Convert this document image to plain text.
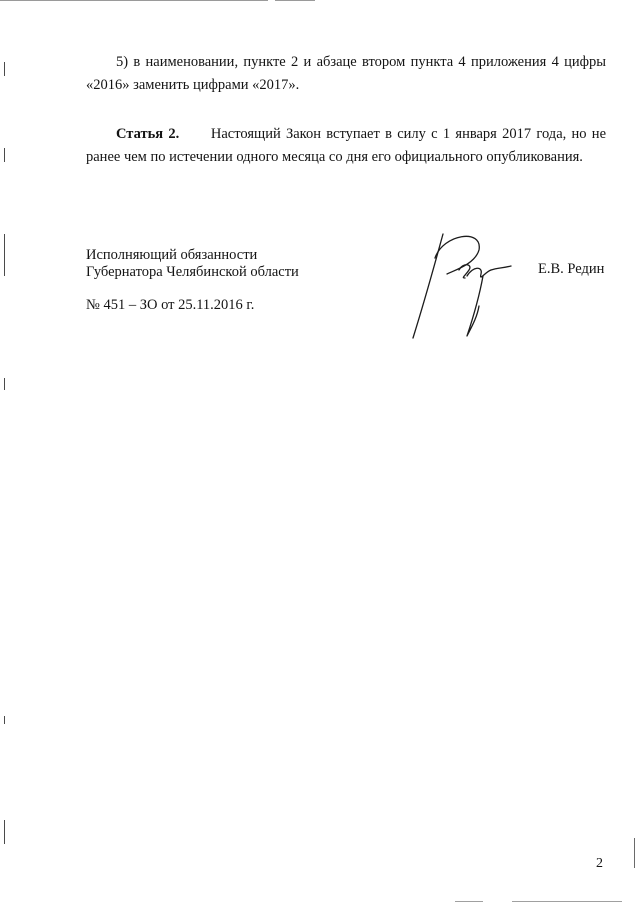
5) в наименовании, пункте 2 и абзаце втором пункта 4 приложения 4 цифры «2016» заменить цифрами «2017».

Статья 2. Настоящий Закон вступает в силу с 1 января 2017 года, но не ранее чем по истечении одного месяца со дня его официального опубликования.

Исполняющий обязанности
Губернатора Челябинской области	Е.В. Редин
№ 451 – ЗО от 25.11.2016 г.
2
